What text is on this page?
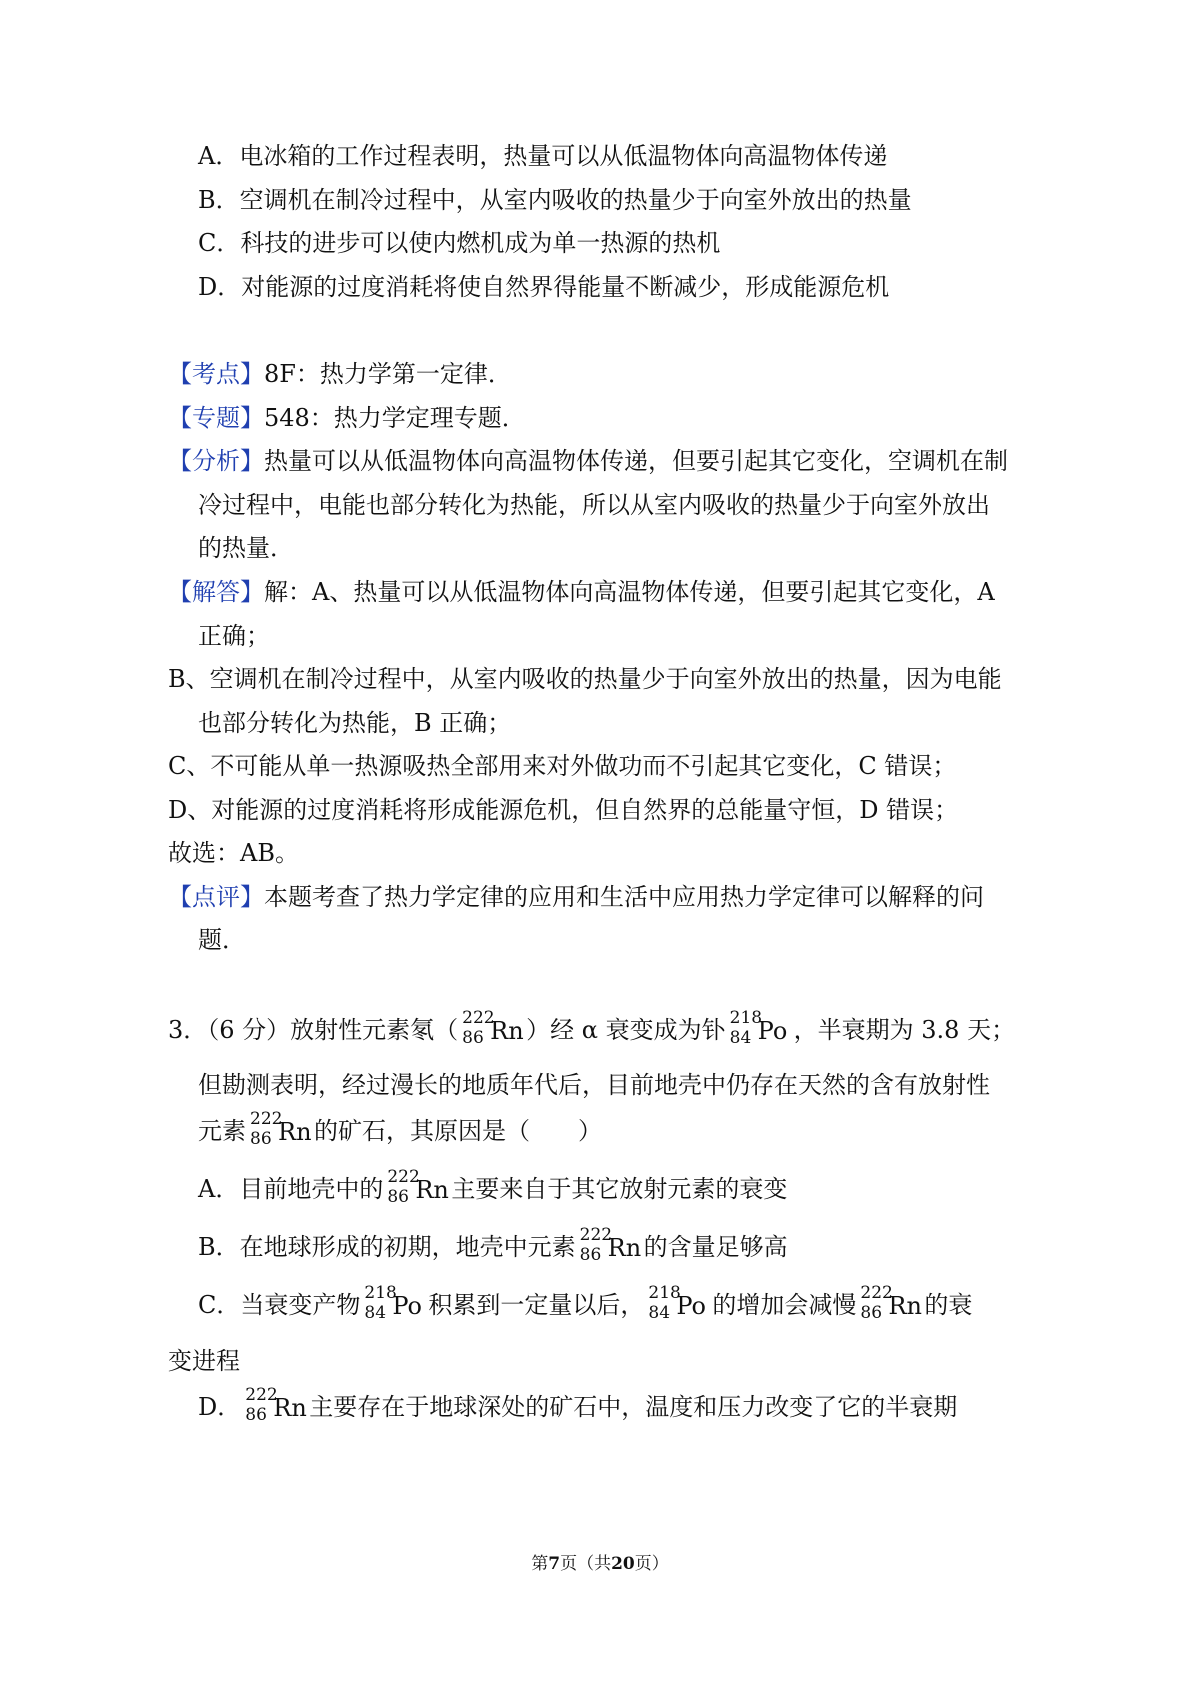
A．电冰箱的工作过程表明，热量可以从低温物体向高温物体传递
B．空调机在制冷过程中，从室内吸收的热量少于向室外放出的热量
C．科技的进步可以使内燃机成为单一热源的热机
D．对能源的过度消耗将使自然界得能量不断减少，形成能源危机
【考点】8F：热力学第一定律．
【专题】548：热力学定理专题．
【分析】热量可以从低温物体向高温物体传递，但要引起其它变化，空调机在制
冷过程中，电能也部分转化为热能，所以从室内吸收的热量少于向室外放出
的热量．
【解答】解：A、热量可以从低温物体向高温物体传递，但要引起其它变化，A
正确；
B、空调机在制冷过程中，从室内吸收的热量少于向室外放出的热量，因为电能
也部分转化为热能，B 正确；
C、不可能从单一热源吸热全部用来对外做功而不引起其它变化，C 错误；
D、对能源的过度消耗将形成能源危机，但自然界的总能量守恒，D 错误；
故选：AB。
【点评】本题考查了热力学定律的应用和生活中应用热力学定律可以解释的问
题．
3．（6 分）放射性元素氡（ 222
86 Rn ）经 α 衰变成为钋 218
84 Po ，半衰期为 3.8 天；
但勘测表明，经过漫长的地质年代后，目前地壳中仍存在天然的含有放射性
元素 222
86 Rn 的矿石，其原因是（　　）
A．目前地壳中的 222
86 Rn 主要来自于其它放射元素的衰变
B．在地球形成的初期，地壳中元素 222
86 Rn 的含量足够高
C．当衰变产物 218
84 Po 积累到一定量以后， 218
84 Po 的增加会减慢 222
86 Rn 的衰
变进程
D． 222
86 Rn 主要存在于地球深处的矿石中，温度和压力改变了它的半衰期
第7页（共20页）
